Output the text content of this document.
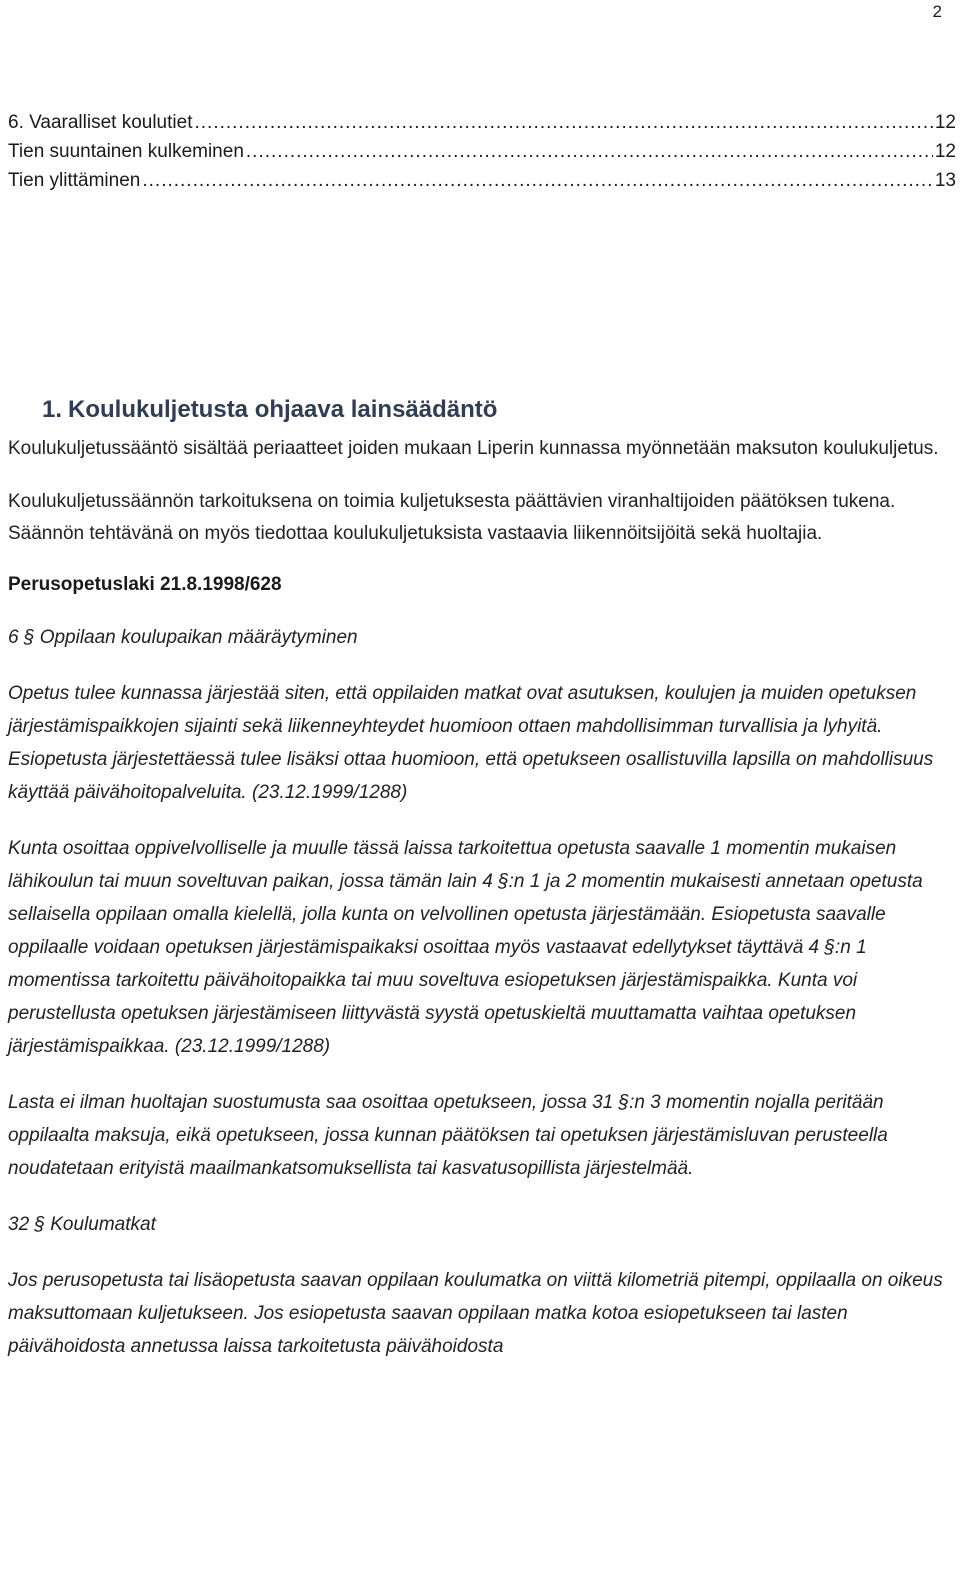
2
6. Vaaralliset koulutiet .....	12
Tien suuntainen kulkeminen .....	12
Tien ylittäminen .....	13
1. Koulukuljetusta ohjaava lainsäädäntö

Koulukuljetussääntö sisältää periaatteet joiden mukaan Liperin kunnassa myönnetään maksuton koulukuljetus.

Koulukuljetussäännön tarkoituksena on toimia kuljetuksesta päättävien viranhaltijoiden päätöksen tukena. Säännön tehtävänä on myös tiedottaa koulukuljetuksista vastaavia liikennöitsijöitä sekä huoltajia.

Perusopetuslaki 21.8.1998/628

6 § Oppilaan koulupaikan määräytyminen

Opetus tulee kunnassa järjestää siten, että oppilaiden matkat ovat asutuksen, koulujen ja muiden opetuksen järjestämispaikkojen sijainti sekä liikenneyhteydet huomioon ottaen mahdollisimman turvallisia ja lyhyitä. Esiopetusta järjestettäessä tulee lisäksi ottaa huomioon, että opetukseen osallistuvilla lapsilla on mahdollisuus käyttää päivähoitopalveluita. (23.12.1999/1288)

Kunta osoittaa oppivelvolliselle ja muulle tässä laissa tarkoitettua opetusta saavalle 1 momentin mukaisen lähikoulun tai muun soveltuvan paikan, jossa tämän lain 4 §:n 1 ja 2 momentin mukaisesti annetaan opetusta sellaisella oppilaan omalla kielellä, jolla kunta on velvollinen opetusta järjestämään. Esiopetusta saavalle oppilaalle voidaan opetuksen järjestämispaikaksi osoittaa myös vastaavat edellytykset täyttävä 4 §:n 1 momentissa tarkoitettu päivähoitopaikka tai muu soveltuva esiopetuksen järjestämispaikka. Kunta voi perustellusta opetuksen järjestämiseen liittyvästä syystä opetuskieltä muuttamatta vaihtaa opetuksen järjestämispaikkaa. (23.12.1999/1288)

Lasta ei ilman huoltajan suostumusta saa osoittaa opetukseen, jossa 31 §:n 3 momentin nojalla peritään oppilaalta maksuja, eikä opetukseen, jossa kunnan päätöksen tai opetuksen järjestämisluvan perusteella noudatetaan erityistä maailmankatsomuksellista tai kasvatusopillista järjestelmää.

32 § Koulumatkat

Jos perusopetusta tai lisäopetusta saavan oppilaan koulumatka on viittä kilometriä pitempi, oppilaalla on oikeus maksuttomaan kuljetukseen. Jos esiopetusta saavan oppilaan matka kotoa esiopetukseen tai lasten päivähoidosta annetussa laissa tarkoitetusta päivähoidosta
